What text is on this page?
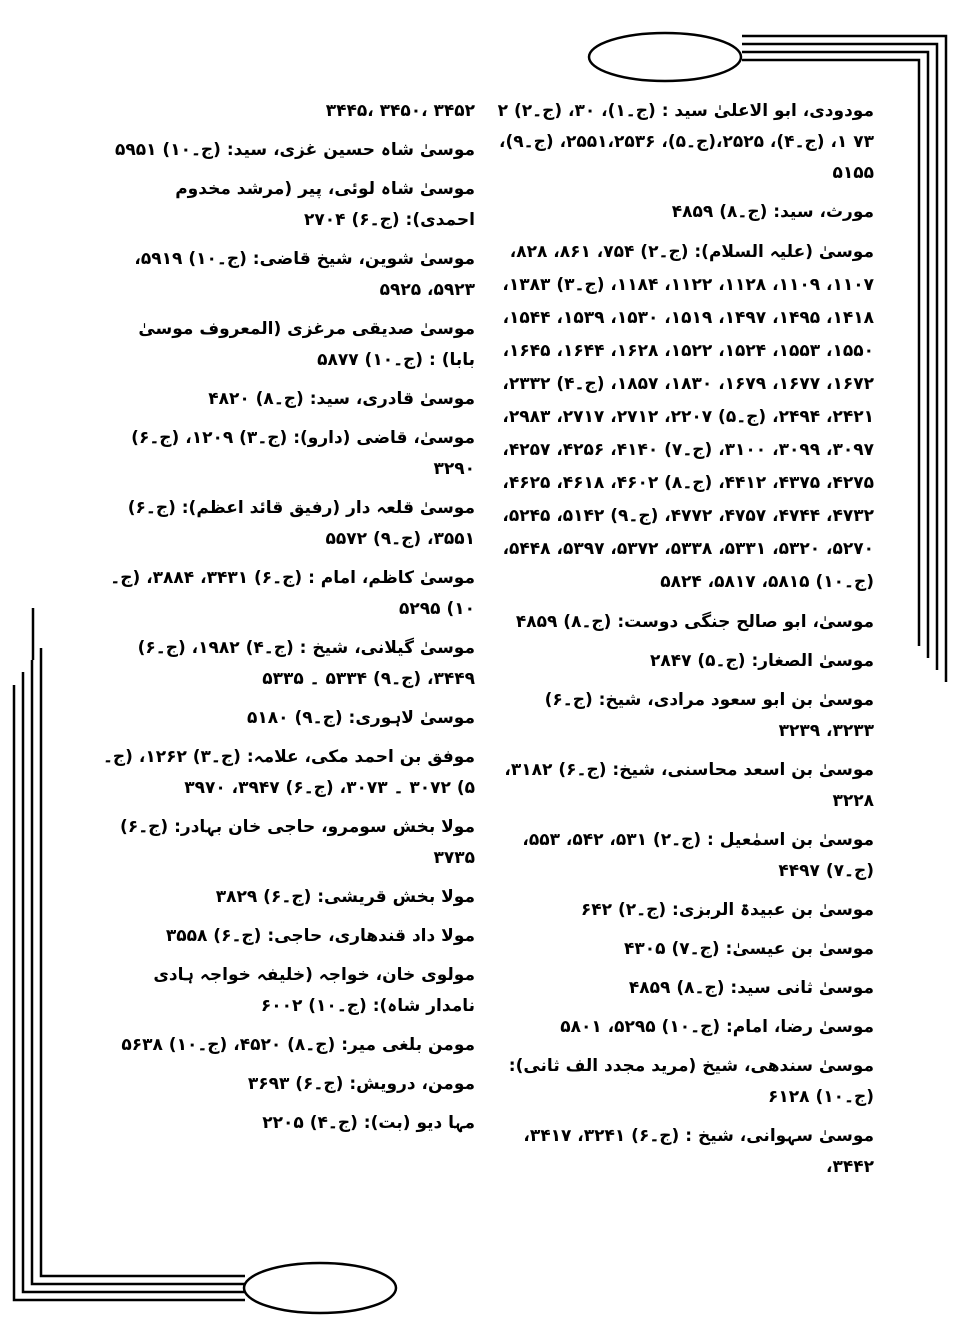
مودودی، ابو الاعلیٰ سید : (ج۔۱)، ۳۰، (ج۔۲) ۲ ۷۳ ۱، (ج۔۴)، ۲۵۲۵،(ج۔۵)، ۲۵۵۱،۲۵۳۶، (ج۔۹)، ۵۱۵۵
مورث، سید: (ج۔۸) ۴۸۵۹
موسیٰ (علیہ السلام): (ج۔۲) ۷۵۴، ۸۶۱، ۸۲۸، ۱۱۰۷، ۱۱۰۹، ۱۱۲۸، ۱۱۲۲، ۱۱۸۴، (ج۔۳) ۱۳۸۳، ۱۴۱۸، ۱۴۹۵، ۱۴۹۷، ۱۵۱۹، ۱۵۳۰، ۱۵۳۹، ۱۵۴۴، ۱۵۵۰، ۱۵۵۳، ۱۵۲۴، ۱۵۲۲، ۱۶۲۸، ۱۶۴۴، ۱۶۴۵، ۱۶۷۲، ۱۶۷۷، ۱۶۷۹، ۱۸۳۰، ۱۸۵۷، (ج۔۴) ۲۳۳۲، ۲۴۲۱، ۲۴۹۴، (ج۔۵) ۲۲۰۷، ۲۷۱۲، ۲۷۱۷، ۲۹۸۳، ۳۰۹۷، ۳۰۹۹، ۳۱۰۰، (ج۔۷) ۴۱۴۰، ۴۲۵۶، ۴۲۵۷، ۴۲۷۵، ۴۳۷۵، ۴۴۱۲، (ج۔۸) ۴۶۰۲، ۴۶۱۸، ۴۶۲۵، ۴۷۳۲، ۴۷۴۴، ۴۷۵۷، ۴۷۷۲، (ج۔۹) ۵۱۴۲، ۵۲۴۵، ۵۲۷۰، ۵۳۲۰، ۵۳۳۱، ۵۳۳۸، ۵۳۷۲، ۵۳۹۷، ۵۴۴۸، (ج۔۱۰) ۵۸۱۵، ۵۸۱۷، ۵۸۲۴
موسیٰ، ابو صالح جنگی دوست: (ج۔۸) ۴۸۵۹
موسیٰ الصغار: (ج۔۵) ۲۸۴۷
موسیٰ بن ابو سعود مرادی، شیخ: (ج۔۶) ۳۲۳۳، ۳۲۳۹
موسیٰ بن اسعد محاسنی، شیخ: (ج۔۶) ۳۱۸۲، ۳۲۲۸
موسیٰ بن اسمٰعیل : (ج۔۲) ۵۳۱، ۵۴۲، ۵۵۳، (ج۔۷) ۴۴۹۷
موسیٰ بن عبیدۃ الربزی: (ج۔۲) ۶۴۲
موسیٰ بن عیسیٰ: (ج۔۷) ۴۳۰۵
موسیٰ ثانی سید: (ج۔۸) ۴۸۵۹
موسیٰ رضا، امام: (ج۔۱۰) ۵۲۹۵، ۵۸۰۱
موسیٰ سندھی، شیخ (مرید مجدد الف ثانی): (ج۔۱۰) ۶۱۲۸
موسیٰ سہوانی، شیخ : (ج۔۶) ۳۲۴۱، ۳۴۱۷، ۳۴۴۲،
۳۴۴۵، ۳۴۵۰، ۳۴۵۲
موسیٰ شاہ حسین غزی، سید: (ج۔۱۰) ۵۹۵۱
موسیٰ شاہ لوئی، پیر (مرشد مخدوم احمدی): (ج۔۶) ۲۷۰۴
موسیٰ شوین، شیخ قاضی: (ج۔۱۰) ۵۹۱۹، ۵۹۲۳، ۵۹۲۵
موسیٰ صدیقی مرغزی (المعروف موسیٰ بابا) : (ج۔۱۰) ۵۸۷۷
موسیٰ قادری، سید: (ج۔۸) ۴۸۲۰
موسیٰ، قاضی (دارو): (ج۔۳) ۱۲۰۹، (ج۔۶) ۳۲۹۰
موسیٰ قلعہ دار (رفیق قائد اعظم): (ج۔۶) ۳۵۵۱، (ج۔۹) ۵۵۷۲
موسیٰ کاظم، امام : (ج۔۶) ۳۴۳۱، ۳۸۸۴، (ج۔۱۰) ۵۲۹۵
موسیٰ گیلانی، شیخ : (ج۔۴) ۱۹۸۲، (ج۔۶) ۳۴۴۹، (ج۔۹) ۵۳۳۴ ۔ ۵۳۳۵
موسیٰ لاہوری: (ج۔۹) ۵۱۸۰
موفق بن احمد مکی، علامہ: (ج۔۳) ۱۲۶۲، (ج۔۵) ۳۰۷۲ ۔ ۳۰۷۳، (ج۔۶) ۳۹۴۷، ۳۹۷۰
مولا بخش سومرو، حاجی خان بہادر: (ج۔۶) ۳۷۳۵
مولا بخش قریشی: (ج۔۶) ۳۸۲۹
مولا داد قندھاری، حاجی: (ج۔۶) ۳۵۵۸
مولوی خان، خواجہ (خلیفہ خواجہ ہادی نامدار شاہ): (ج۔۱۰) ۶۰۰۲
مومن بلغی میر: (ج۔۸) ۴۵۲۰، (ج۔۱۰) ۵۶۳۸
مومن، درویش: (ج۔۶) ۳۶۹۳
مہا دیو (بت): (ج۔۴) ۲۲۰۵
